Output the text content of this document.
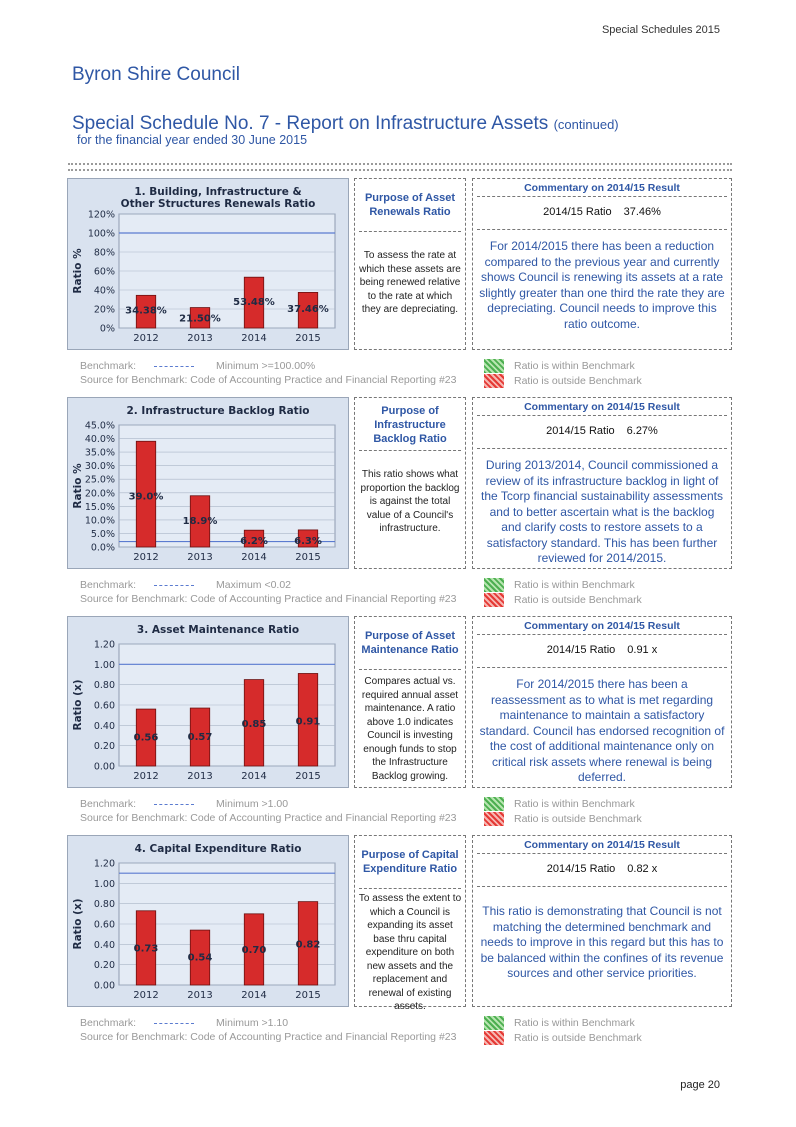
Special Schedules 2015
Byron Shire Council
Special Schedule No. 7 - Report on Infrastructure Assets (continued)
for the financial year ended 30 June 2015
1. Building, Infrastructure &
Other Structures Renewals Ratio
0%
20%
40%
60%
80%
100%
120%
Ratio %
2012
34.38%
2013
21.50%
2014
53.48%
2015
37.46%
Purpose of Asset Renewals Ratio
To assess the rate at which these assets are being renewed relative to the rate at which they are depreciating.
Commentary on 2014/15 Result
2014/15 Ratio 37.46%
For 2014/2015 there has been a reduction compared to the previous year and currently shows Council is renewing its assets at a rate slightly greater than one third the rate they are depreciating. Council needs to improve this ratio outcome.
Benchmark:	Minimum >=100.00%
Source for Benchmark: Code of Accounting Practice and Financial Reporting #23
Ratio is within Benchmark
Ratio is outside Benchmark
2. Infrastructure Backlog Ratio
0.0%
5.0%
10.0%
15.0%
20.0%
25.0%
30.0%
35.0%
40.0%
45.0%
Ratio %
2012
39.0%
2013
18.9%
2014
6.2%
2015
6.3%
Purpose of Infrastructure Backlog Ratio
This ratio shows what proportion the backlog is against the total value of a Council's infrastructure.
Commentary on 2014/15 Result
2014/15 Ratio 6.27%
During 2013/2014, Council commissioned a review of its infrastructure backlog in light of the Tcorp financial sustainability assessments and to better ascertain what is the backlog and clarify costs to restore assets to a satisfactory standard. This has been further reviewed for 2014/2015.
Benchmark:	Maximum <0.02
Source for Benchmark: Code of Accounting Practice and Financial Reporting #23
Ratio is within Benchmark
Ratio is outside Benchmark
3. Asset Maintenance Ratio
0.00
0.20
0.40
0.60
0.80
1.00
1.20
Ratio (x)
2012
0.56
2013
0.57
2014
0.85
2015
0.91
Purpose of Asset Maintenance Ratio
Compares actual vs. required annual asset maintenance. A ratio above 1.0 indicates Council is investing enough funds to stop the Infrastructure Backlog growing.
Commentary on 2014/15 Result
2014/15 Ratio 0.91 x
For 2014/2015 there has been a reassessment as to what is met regarding maintenance to maintain a satisfactory standard. Council has endorsed recognition of the cost of additional maintenance only on critical risk assets where renewal is being deferred.
Benchmark:	Minimum >1.00
Source for Benchmark: Code of Accounting Practice and Financial Reporting #23
Ratio is within Benchmark
Ratio is outside Benchmark
4. Capital Expenditure Ratio
0.00
0.20
0.40
0.60
0.80
1.00
1.20
Ratio (x)
2012
0.73
2013
0.54
2014
0.70
2015
0.82
Purpose of Capital Expenditure Ratio
To assess the extent to which a Council is expanding its asset base thru capital expenditure on both new assets and the replacement and renewal of existing assets.
Commentary on 2014/15 Result
2014/15 Ratio 0.82 x
This ratio is demonstrating that Council is not matching the determined benchmark and needs to improve in this regard but this has to be balanced within the confines of its revenue sources and other service priorities.
Benchmark:	Minimum >1.10
Source for Benchmark: Code of Accounting Practice and Financial Reporting #23
Ratio is within Benchmark
Ratio is outside Benchmark
page 20
